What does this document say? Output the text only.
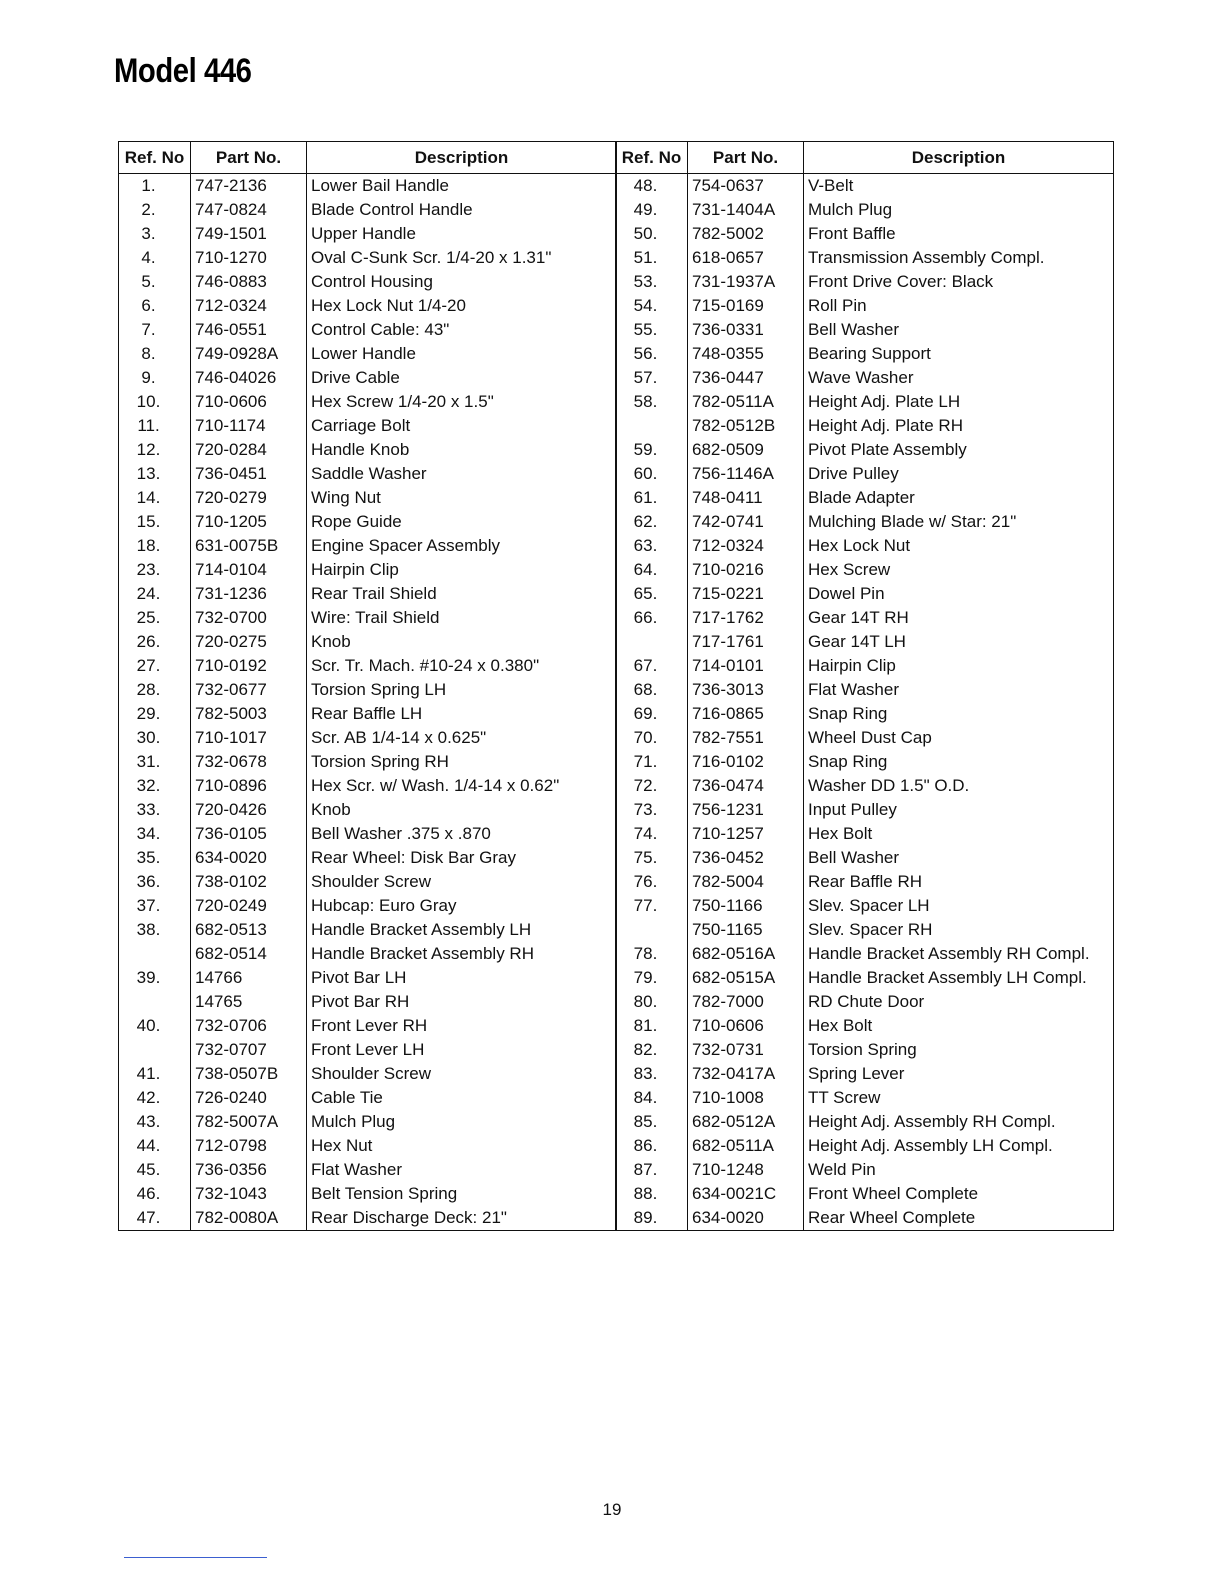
Model 446
Ref. No	Part No.	Description
1.	747-2136	Lower Bail Handle
2.	747-0824	Blade Control Handle
3.	749-1501	Upper Handle
4.	710-1270	Oval C-Sunk Scr. 1/4-20 x 1.31"
5.	746-0883	Control Housing
6.	712-0324	Hex Lock Nut 1/4-20
7.	746-0551	Control Cable: 43"
8.	749-0928A	Lower Handle
9.	746-04026	Drive Cable
10.	710-0606	Hex Screw 1/4-20 x 1.5"
11.	710-1174	Carriage Bolt
12.	720-0284	Handle Knob
13.	736-0451	Saddle Washer
14.	720-0279	Wing Nut
15.	710-1205	Rope Guide
18.	631-0075B	Engine Spacer Assembly
23.	714-0104	Hairpin Clip
24.	731-1236	Rear Trail Shield
25.	732-0700	Wire: Trail Shield
26.	720-0275	Knob
27.	710-0192	Scr. Tr. Mach. #10-24 x 0.380"
28.	732-0677	Torsion Spring LH
29.	782-5003	Rear Baffle LH
30.	710-1017	Scr. AB 1/4-14 x 0.625"
31.	732-0678	Torsion Spring RH
32.	710-0896	Hex Scr. w/ Wash. 1/4-14 x 0.62"
33.	720-0426	Knob
34.	736-0105	Bell Washer .375 x .870
35.	634-0020	Rear Wheel: Disk Bar Gray
36.	738-0102	Shoulder Screw
37.	720-0249	Hubcap: Euro Gray
38.	682-0513	Handle Bracket Assembly LH
	682-0514	Handle Bracket Assembly RH
39.	14766	Pivot Bar LH
	14765	Pivot Bar RH
40.	732-0706	Front Lever RH
	732-0707	Front Lever LH
41.	738-0507B	Shoulder Screw
42.	726-0240	Cable Tie
43.	782-5007A	Mulch Plug
44.	712-0798	Hex Nut
45.	736-0356	Flat Washer
46.	732-1043	Belt Tension Spring
47.	782-0080A	Rear Discharge Deck: 21"
Ref. No	Part No.	Description
48.	754-0637	V-Belt
49.	731-1404A	Mulch Plug
50.	782-5002	Front Baffle
51.	618-0657	Transmission Assembly Compl.
53.	731-1937A	Front Drive Cover: Black
54.	715-0169	Roll Pin
55.	736-0331	Bell Washer
56.	748-0355	Bearing Support
57.	736-0447	Wave Washer
58.	782-0511A	Height Adj. Plate LH
	782-0512B	Height Adj. Plate RH
59.	682-0509	Pivot Plate Assembly
60.	756-1146A	Drive Pulley
61.	748-0411	Blade Adapter
62.	742-0741	Mulching Blade w/ Star: 21"
63.	712-0324	Hex Lock Nut
64.	710-0216	Hex Screw
65.	715-0221	Dowel Pin
66.	717-1762	Gear 14T RH
	717-1761	Gear 14T LH
67.	714-0101	Hairpin Clip
68.	736-3013	Flat Washer
69.	716-0865	Snap Ring
70.	782-7551	Wheel Dust Cap
71.	716-0102	Snap Ring
72.	736-0474	Washer DD 1.5" O.D.
73.	756-1231	Input Pulley
74.	710-1257	Hex Bolt
75.	736-0452	Bell Washer
76.	782-5004	Rear Baffle RH
77.	750-1166	Slev. Spacer LH
	750-1165	Slev. Spacer RH
78.	682-0516A	Handle Bracket Assembly RH Compl.
79.	682-0515A	Handle Bracket Assembly LH Compl.
80.	782-7000	RD Chute Door
81.	710-0606	Hex Bolt
82.	732-0731	Torsion Spring
83.	732-0417A	Spring Lever
84.	710-1008	TT Screw
85.	682-0512A	Height Adj. Assembly RH Compl.
86.	682-0511A	Height Adj. Assembly LH Compl.
87.	710-1248	Weld Pin
88.	634-0021C	Front Wheel Complete
89.	634-0020	Rear Wheel Complete
19
